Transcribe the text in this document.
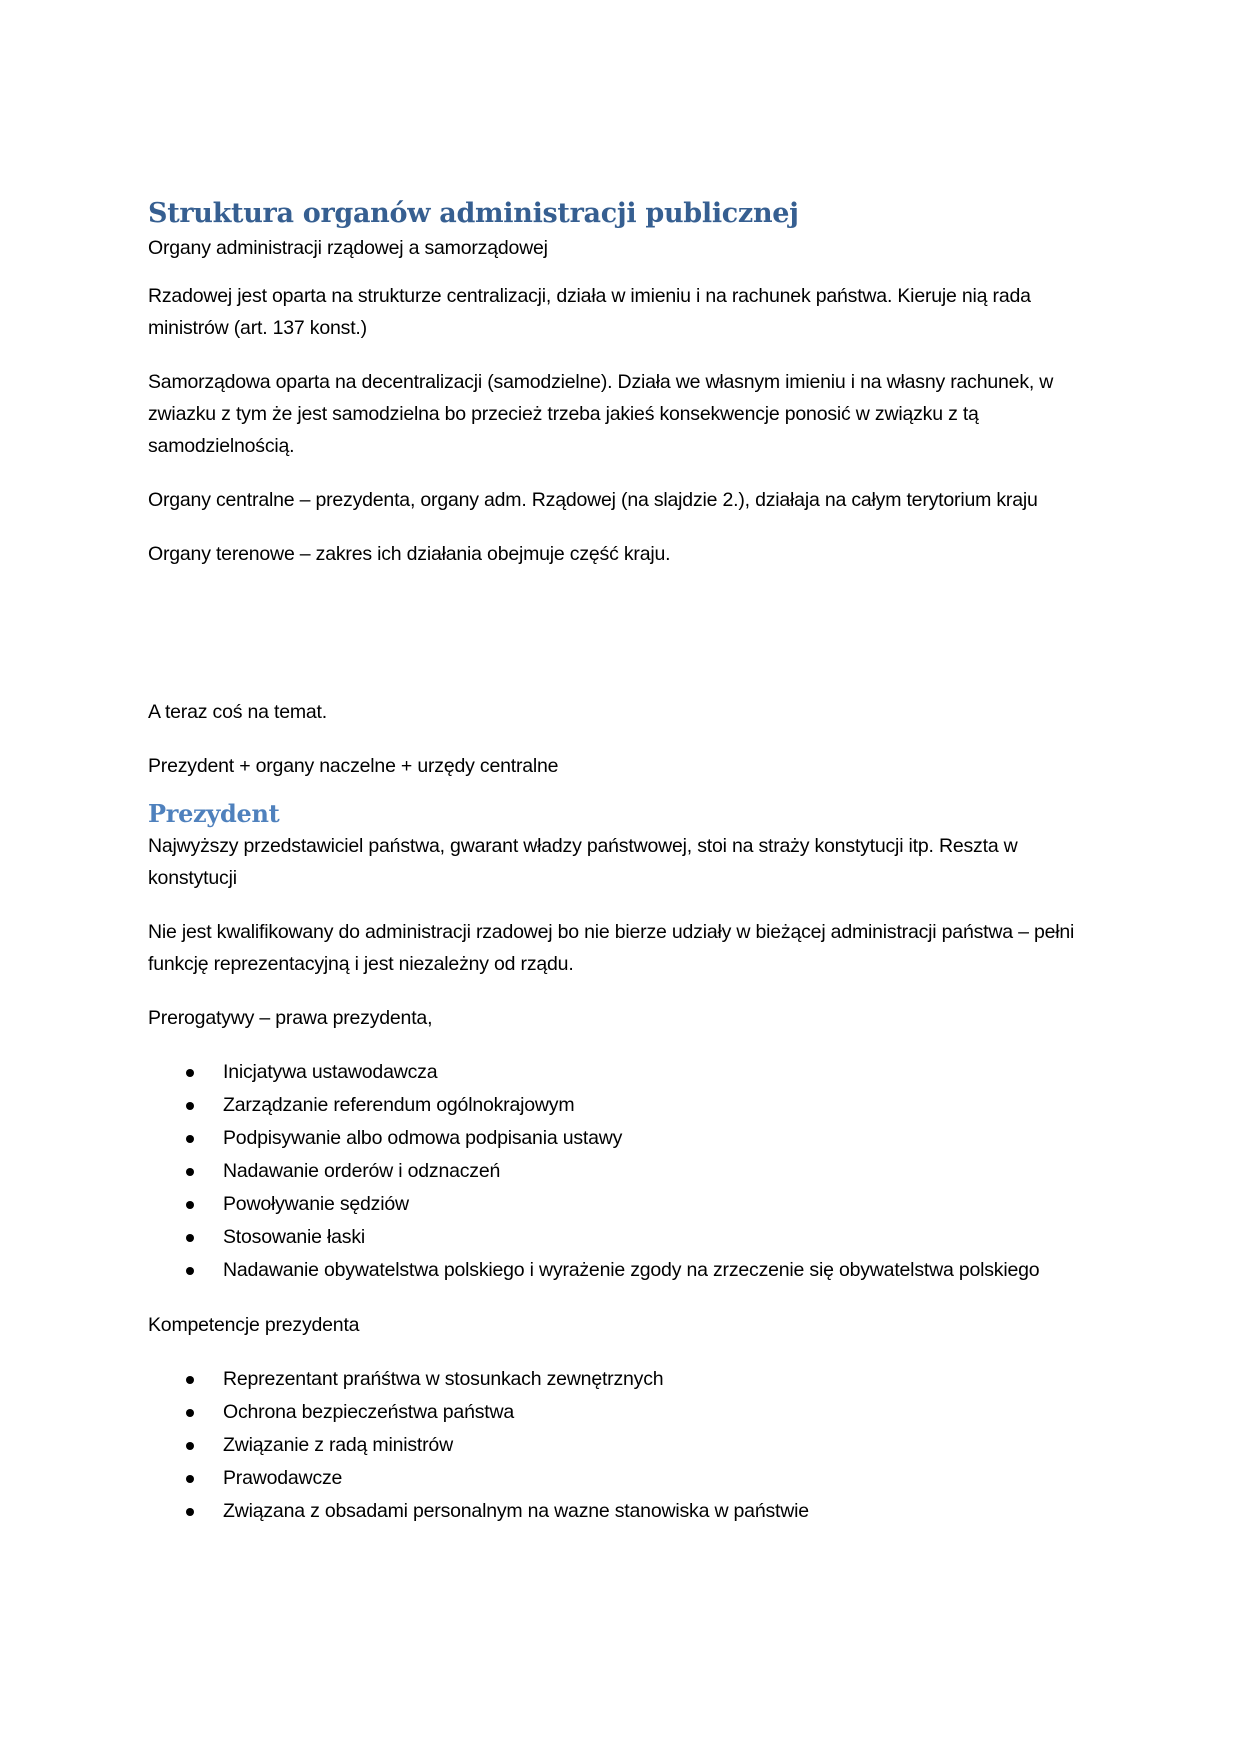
Struktura organów administracji publicznej

Organy administracji rządowej a samorządowej

Rzadowej jest oparta na strukturze centralizacji, działa w imieniu i na rachunek państwa. Kieruje nią rada ministrów (art. 137 konst.)

Samorządowa oparta na decentralizacji (samodzielne). Działa we własnym imieniu i na własny rachunek, w zwiazku z tym że jest samodzielna bo przecież trzeba jakieś konsekwencje ponosić w związku z tą samodzielnością.

Organy centralne – prezydenta, organy adm. Rządowej (na slajdzie 2.), działaja na całym terytorium kraju

Organy terenowe – zakres ich działania obejmuje część kraju.

A teraz coś na temat.

Prezydent + organy naczelne + urzędy centralne

Prezydent

Najwyższy przedstawiciel państwa, gwarant władzy państwowej, stoi na straży konstytucji itp. Reszta w konstytucji

Nie jest kwalifikowany do administracji rzadowej bo nie bierze udziały w bieżącej administracji państwa – pełni funkcję reprezentacyjną i jest niezależny od rządu.

Prerogatywy – prawa prezydenta,

Inicjatywa ustawodawcza
Zarządzanie referendum ogólnokrajowym
Podpisywanie albo odmowa podpisania ustawy
Nadawanie orderów i odznaczeń
Powoływanie sędziów
Stosowanie łaski
Nadawanie obywatelstwa polskiego i wyrażenie zgody na zrzeczenie się obywatelstwa polskiego

Kompetencje prezydenta

Reprezentant prańśtwa w stosunkach zewnętrznych
Ochrona bezpieczeństwa państwa
Związanie z radą ministrów
Prawodawcze
Związana z obsadami personalnym na wazne stanowiska w państwie
